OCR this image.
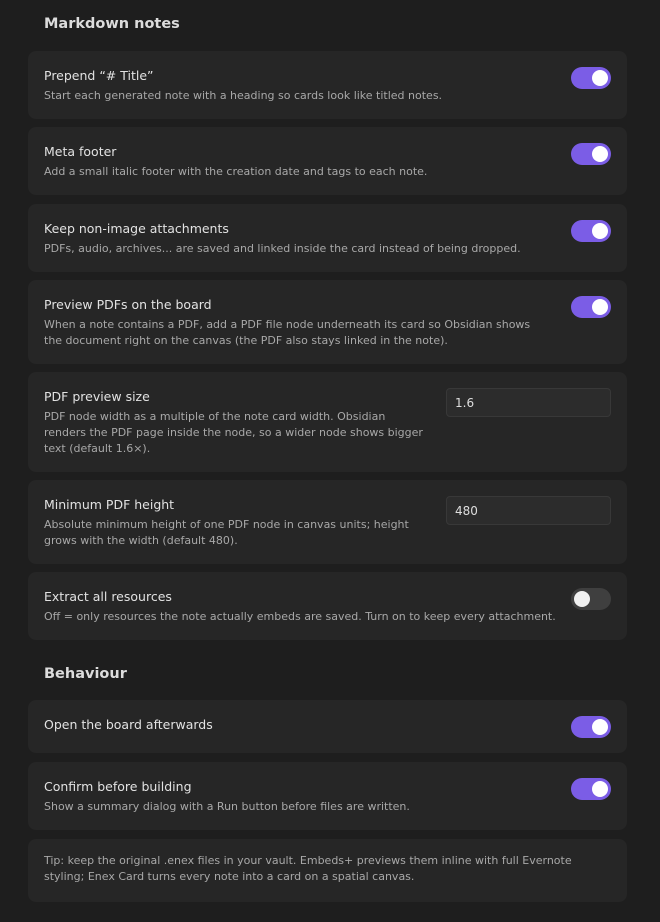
Markdown notes
Prepend “# Title”
Start each generated note with a heading so cards look like titled notes.
Meta footer
Add a small italic footer with the creation date and tags to each note.
Keep non-image attachments
PDFs, audio, archives... are saved and linked inside the card instead of being dropped.
Preview PDFs on the board
When a note contains a PDF, add a PDF file node underneath its card so Obsidian shows the document right on the canvas (the PDF also stays linked in the note).
PDF preview size
PDF node width as a multiple of the note card width. Obsidian renders the PDF page inside the node, so a wider node shows bigger text (default 1.6×).
1.6
Minimum PDF height
Absolute minimum height of one PDF node in canvas units; height grows with the width (default 480).
480
Extract all resources
Off = only resources the note actually embeds are saved. Turn on to keep every attachment.
Behaviour
Open the board afterwards
Confirm before building
Show a summary dialog with a Run button before files are written.
Tip: keep the original .enex files in your vault. Embeds+ previews them inline with full Evernote styling; Enex Card turns every note into a card on a spatial canvas.
